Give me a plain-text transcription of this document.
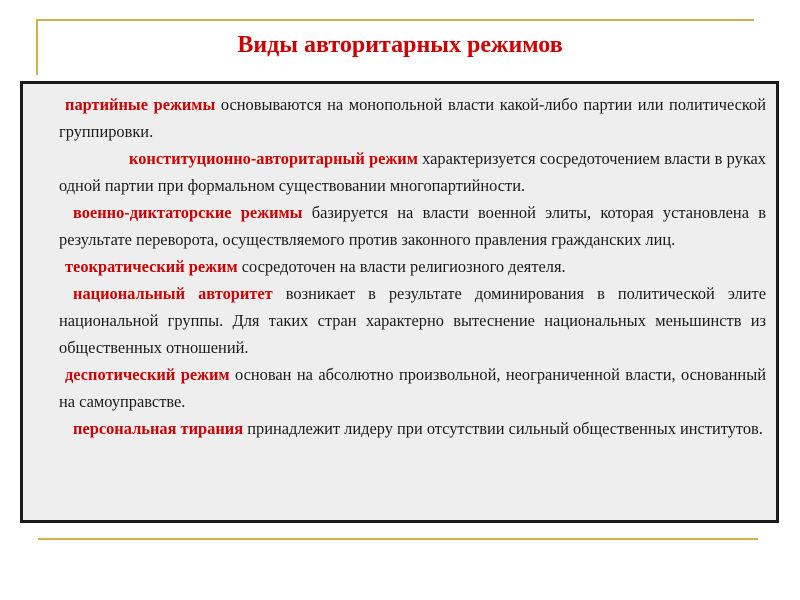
Виды авторитарных режимов
партийные режимы основываются на монопольной власти какой-либо партии или политической группировки.
конституционно-авторитарный режим характеризуется сосредоточением власти в руках одной партии при формальном существовании многопартийности.
военно-диктаторские режимы базируется на власти военной элиты, которая установлена в результате переворота, осуществляемого против законного правления гражданских лиц.
теократический режим сосредоточен на власти религиозного деятеля.
национальный авторитет возникает в результате доминирования в политической элите национальной группы. Для таких стран характерно вытеснение национальных меньшинств из общественных отношений.
деспотический режим основан на абсолютно произвольной, неограниченной власти, основанный на самоуправстве.
персональная тирания принадлежит лидеру при отсутствии сильный общественных институтов.
